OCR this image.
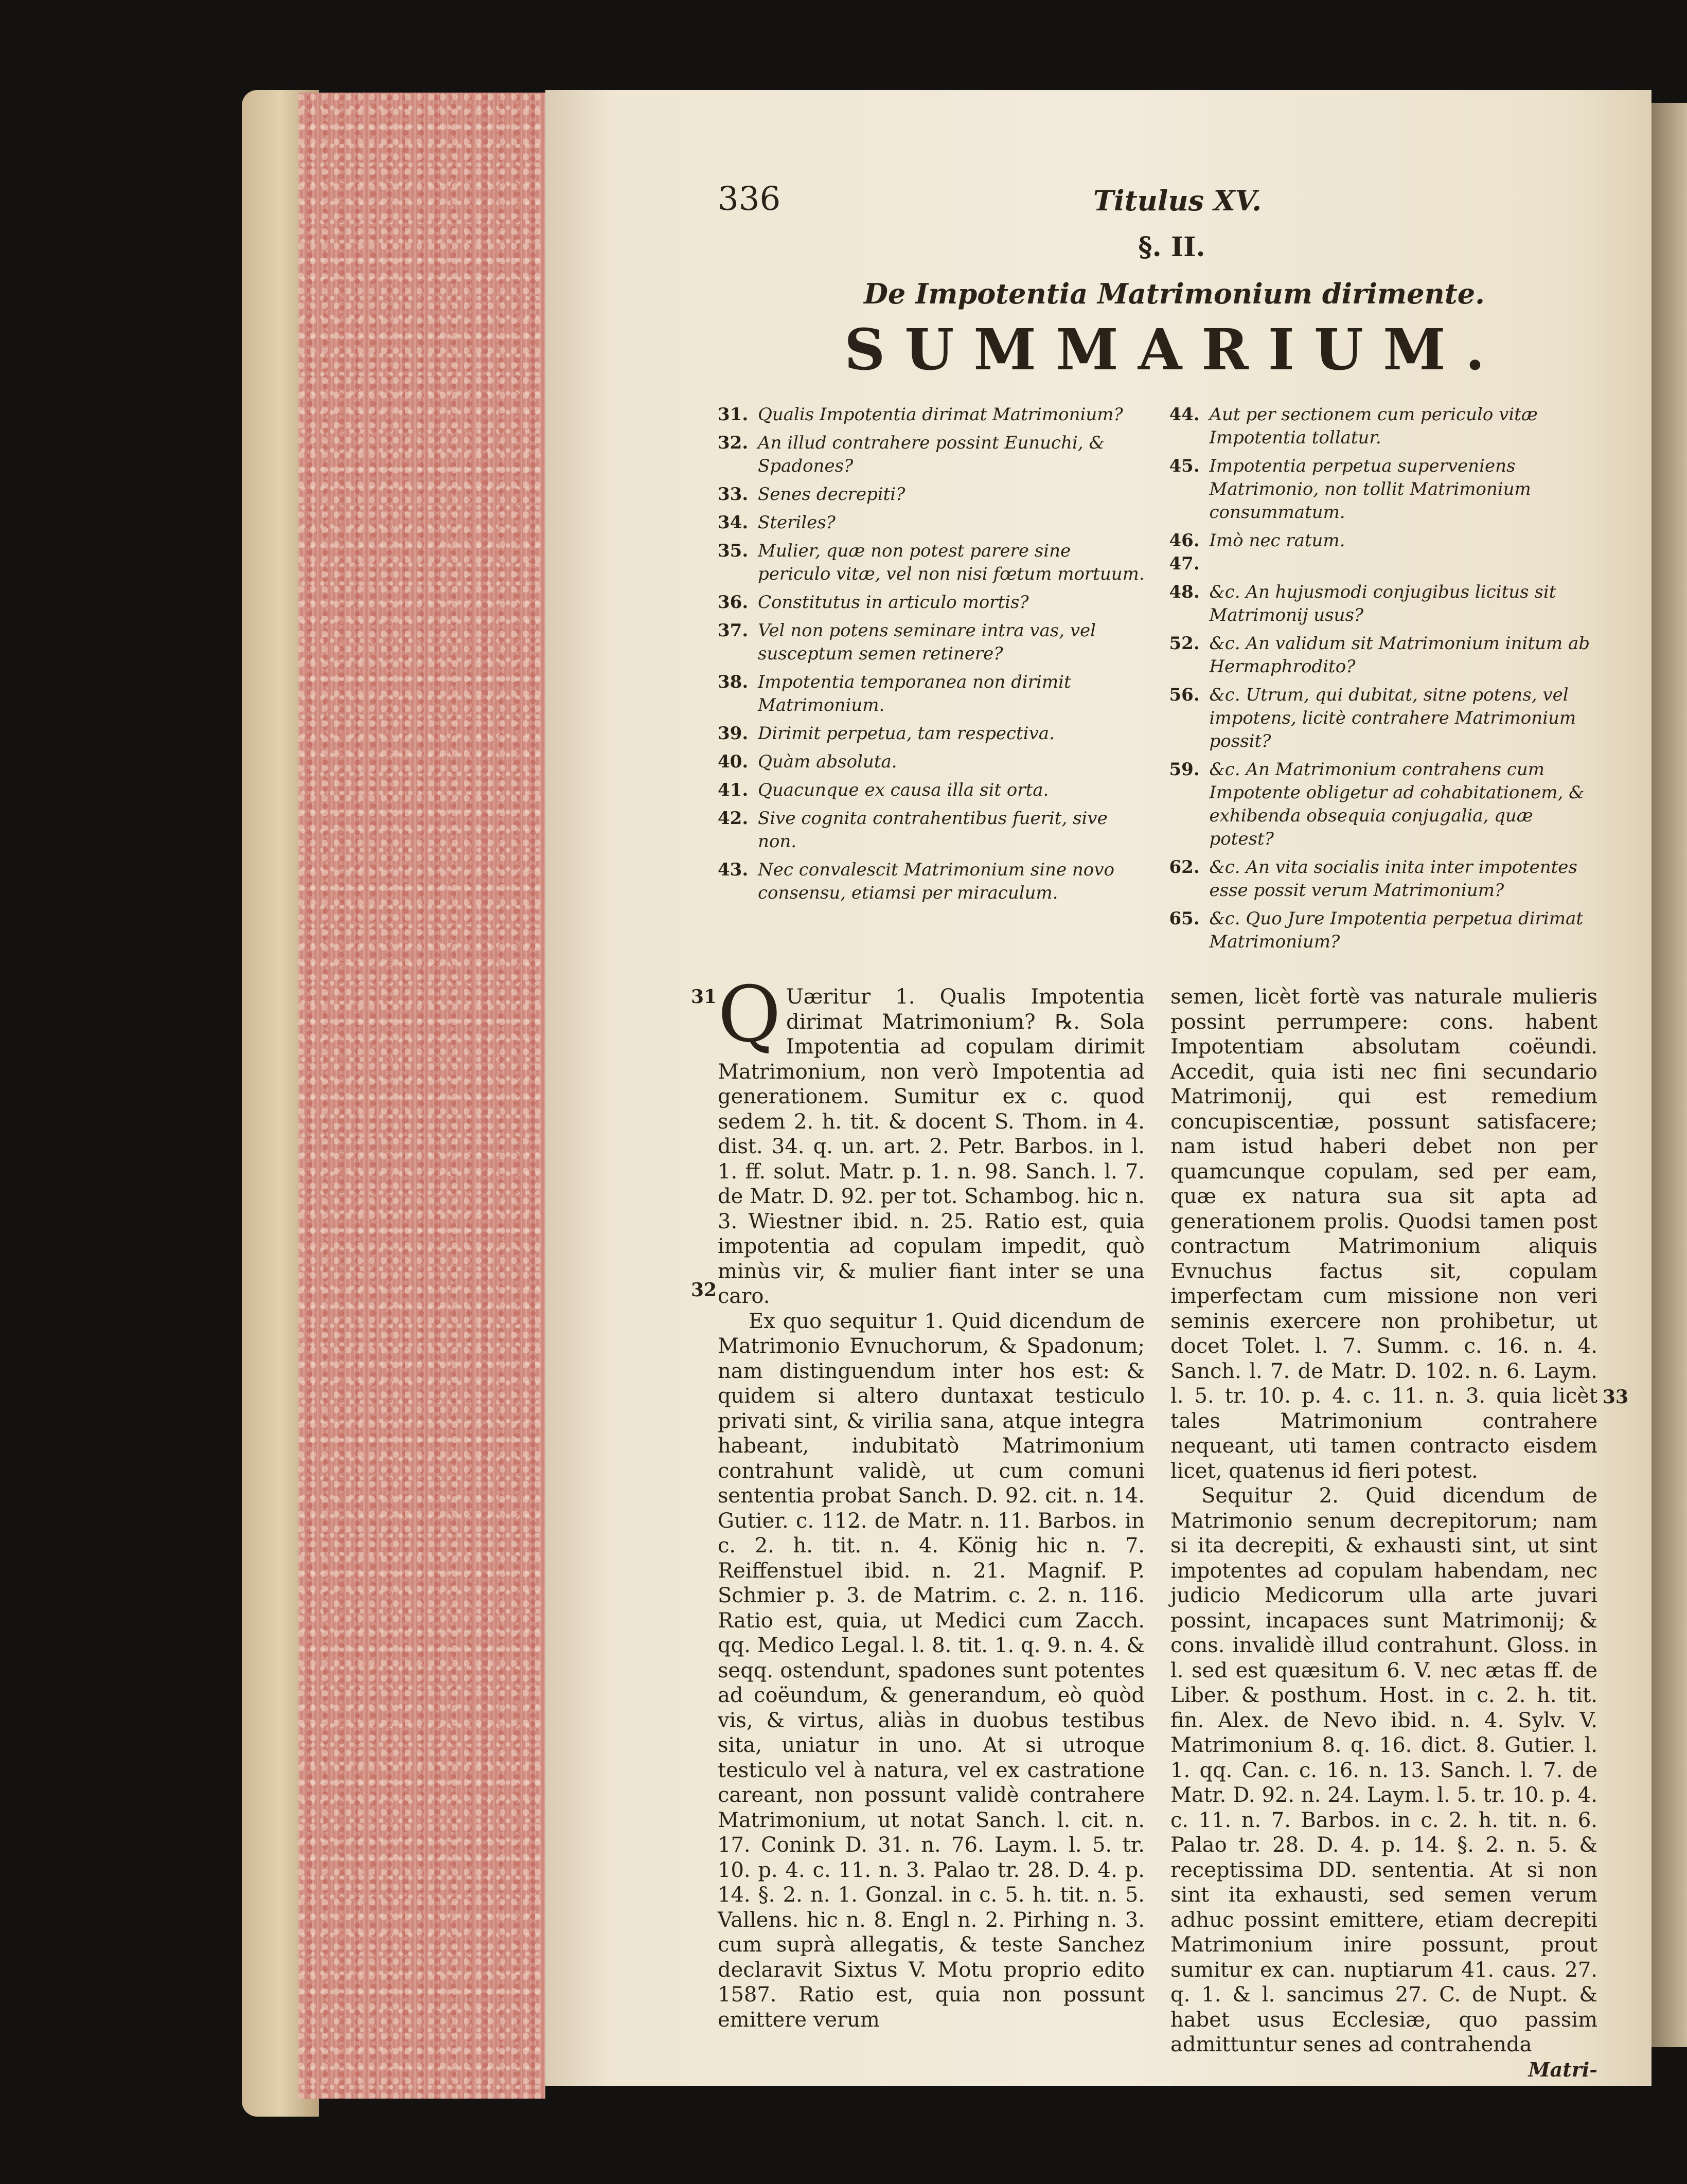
336	Titulus XV.
§. II.
De Impotentia Matrimonium dirimente.
SUMMARIUM.
31. Qualis Impotentia dirimat Matrimonium?
32. An illud contrahere possint Eunuchi, & Spadones?
33. Senes decrepiti?
34. Steriles?
35. Mulier, quæ non potest parere sine periculo vitæ, vel non nisi fœtum mortuum.
36. Constitutus in articulo mortis?
37. Vel non potens seminare intra vas, vel susceptum semen retinere?
38. Impotentia temporanea non dirimit Matrimonium.
39. Dirimit perpetua, tam respectiva.
40. Quàm absoluta.
41. Quacunque ex causa illa sit orta.
42. Sive cognita contrahentibus fuerit, sive non.
43. Nec convalescit Matrimonium sine novo consensu, etiamsi per miraculum.
44. Aut per sectionem cum periculo vitæ Impotentia tollatur.
45. Impotentia perpetua superveniens Matrimonio, non tollit Matrimonium consummatum.
46. 47.
Imò nec ratum.
48. &c. An hujusmodi conjugibus licitus sit Matrimonij usus?
52. &c. An validum sit Matrimonium initum ab Hermaphrodito?
56. &c. Utrum, qui dubitat, sitne potens, vel impotens, licitè contrahere Matrimonium possit?
59. &c. An Matrimonium contrahens cum Impotente obligetur ad cohabitationem, & exhibenda obsequia conjugalia, quæ potest?
62. &c. An vita socialis inita inter impotentes esse possit verum Matrimonium?
65. &c. Quo Jure Impotentia perpetua dirimat Matrimonium?
31
32

Q Uæritur 1. Qualis Impotentia dirimat Matrimonium? ℞. Sola Impotentia ad copulam dirimit Matrimonium, non verò Impotentia ad generationem. Sumitur ex c. quod sedem 2. h. tit. & docent S. Thom. in 4. dist. 34. q. un. art. 2. Petr. Barbos. in l. 1. ff. solut. Matr. p. 1. n. 98. Sanch. l. 7. de Matr. D. 92. per tot. Schambog. hic n. 3. Wiestner ibid. n. 25. Ratio est, quia impotentia ad copulam impedit, quò minùs vir, & mulier fiant inter se una caro.

Ex quo sequitur 1. Quid dicendum de Matrimonio Evnuchorum, & Spadonum; nam distinguendum inter hos est: & quidem si altero duntaxat testiculo privati sint, & virilia sana, atque integra habeant, indubitatò Matrimonium contrahunt validè, ut cum comuni sententia probat Sanch. D. 92. cit. n. 14. Gutier. c. 112. de Matr. n. 11. Barbos. in c. 2. h. tit. n. 4. König hic n. 7. Reiffenstuel ibid. n. 21. Magnif. P. Schmier p. 3. de Matrim. c. 2. n. 116. Ratio est, quia, ut Medici cum Zacch. qq. Medico Legal. l. 8. tit. 1. q. 9. n. 4. & seqq. ostendunt, spadones sunt potentes ad coëundum, & generandum, eò quòd vis, & virtus, aliàs in duobus testibus sita, uniatur in uno. At si utroque testiculo vel à natura, vel ex castratione careant, non possunt validè contrahere Matrimonium, ut notat Sanch. l. cit. n. 17. Conink D. 31. n. 76. Laym. l. 5. tr. 10. p. 4. c. 11. n. 3. Palao tr. 28. D. 4. p. 14. §. 2. n. 1. Gonzal. in c. 5. h. tit. n. 5. Vallens. hic n. 8. Engl n. 2. Pirhing n. 3. cum suprà allegatis, & teste Sanchez declaravit Sixtus V. Motu proprio edito 1587. Ratio est, quia non possunt emittere verum

33

semen, licèt fortè vas naturale mulieris possint perrumpere: cons. habent Impotentiam absolutam coëundi. Accedit, quia isti nec fini secundario Matrimonij, qui est remedium concupiscentiæ, possunt satisfacere; nam istud haberi debet non per quamcunque copulam, sed per eam, quæ ex natura sua sit apta ad generationem prolis. Quodsi tamen post contractum Matrimonium aliquis Evnuchus factus sit, copulam imperfectam cum missione non veri seminis exercere non prohibetur, ut docet Tolet. l. 7. Summ. c. 16. n. 4. Sanch. l. 7. de Matr. D. 102. n. 6. Laym. l. 5. tr. 10. p. 4. c. 11. n. 3. quia licèt tales Matrimonium contrahere nequeant, uti tamen contracto eisdem licet, quatenus id fieri potest.

Sequitur 2. Quid dicendum de Matrimonio senum decrepitorum; nam si ita decrepiti, & exhausti sint, ut sint impotentes ad copulam habendam, nec judicio Medicorum ulla arte juvari possint, incapaces sunt Matrimonij; & cons. invalidè illud contrahunt. Gloss. in l. sed est quæsitum 6. V. nec ætas ff. de Liber. & posthum. Host. in c. 2. h. tit. fin. Alex. de Nevo ibid. n. 4. Sylv. V. Matrimonium 8. q. 16. dict. 8. Gutier. l. 1. qq. Can. c. 16. n. 13. Sanch. l. 7. de Matr. D. 92. n. 24. Laym. l. 5. tr. 10. p. 4. c. 11. n. 7. Barbos. in c. 2. h. tit. n. 6. Palao tr. 28. D. 4. p. 14. §. 2. n. 5. & receptissima DD. sententia. At si non sint ita exhausti, sed semen verum adhuc possint emittere, etiam decrepiti Matrimonium inire possunt, prout sumitur ex can. nuptiarum 41. caus. 27. q. 1. & l. sancimus 27. C. de Nupt. & habet usus Ecclesiæ, quo passim admittuntur senes ad contrahenda

Matri-
